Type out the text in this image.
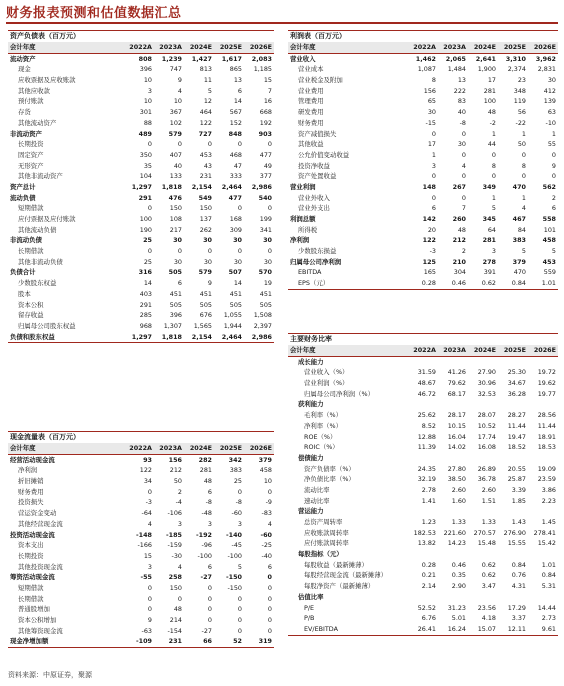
财务报表预测和估值数据汇总
资产负债表（百万元）
会计年度	2022A	2023A	2024E	2025E	2026E
流动资产	808	1,239	1,427	1,617	2,083
现金	396	747	813	865	1,185
应收票据及应收账款	10	9	11	13	15
其他应收款	3	4	5	6	7
预付账款	10	10	12	14	16
存货	301	367	464	567	668
其他流动资产	88	102	122	152	192
非流动资产	489	579	727	848	903
长期投资	0	0	0	0	0
固定资产	350	407	453	468	477
无形资产	35	40	43	47	49
其他非流动资产	104	133	231	333	377
资产总计	1,297	1,818	2,154	2,464	2,986
流动负债	291	476	549	477	540
短期借款	0	150	150	0	0
应付票据及应付账款	100	108	137	168	199
其他流动负债	190	217	262	309	341
非流动负债	25	30	30	30	30
长期借款	0	0	0	0	0
其他非流动负债	25	30	30	30	30
负债合计	316	505	579	507	570
少数股东权益	14	6	9	14	19
股本	403	451	451	451	451
资本公积	291	505	505	505	505
留存收益	285	396	676	1,055	1,508
归属母公司股东权益	968	1,307	1,565	1,944	2,397
负债和股东权益	1,297	1,818	2,154	2,464	2,986
现金流量表（百万元）
会计年度	2022A	2023A	2024E	2025E	2026E
经营活动现金流	93	156	282	342	379
净利润	122	212	281	383	458
折旧摊销	34	50	48	25	10
财务费用	0	2	6	0	0
投资损失	-3	-4	-8	-8	-9
营运资金变动	-64	-106	-48	-60	-83
其他经营现金流	4	3	3	3	4
投资活动现金流	-148	-185	-192	-140	-60
资本支出	-166	-159	-96	-45	-25
长期投资	15	-30	-100	-100	-40
其他投资现金流	3	4	6	5	6
筹资活动现金流	-55	258	-27	-150	0
短期借款	0	150	0	-150	0
长期借款	0	0	0	0	0
普通股增加	0	48	0	0	0
资本公积增加	9	214	0	0	0
其他筹资现金流	-63	-154	-27	0	0
现金净增加额	-109	231	66	52	319
利润表（百万元）
会计年度	2022A	2023A	2024E	2025E	2026E
营业收入	1,462	2,065	2,641	3,310	3,962
营业成本	1,087	1,484	1,900	2,374	2,831
营业税金及附加	8	13	17	23	30
营业费用	156	222	281	348	412
管理费用	65	83	100	119	139
研发费用	30	40	48	56	63
财务费用	-15	-8	-2	-22	-10
资产减值损失	0	0	1	1	1
其他收益	17	30	44	50	55
公允价值变动收益	1	0	0	0	0
投资净收益	3	4	8	8	9
资产处置收益	0	0	0	0	0
营业利润	148	267	349	470	562
营业外收入	0	0	1	1	2
营业外支出	6	7	5	4	6
利润总额	142	260	345	467	558
所得税	20	48	64	84	101
净利润	122	212	281	383	458
少数股东损益	-3	2	3	5	5
归属母公司净利润	125	210	278	379	453
EBITDA	165	304	391	470	559
EPS（元）	0.28	0.46	0.62	0.84	1.01
主要财务比率
会计年度	2022A	2023A	2024E	2025E	2026E
成长能力
营业收入（%）	31.59	41.26	27.90	25.30	19.72
营业利润（%）	48.67	79.62	30.96	34.67	19.62
归属母公司净利润（%）	46.72	68.17	32.53	36.28	19.77
获利能力
毛利率（%）	25.62	28.17	28.07	28.27	28.56
净利率（%）	8.52	10.15	10.52	11.44	11.44
ROE（%）	12.88	16.04	17.74	19.47	18.91
ROIC（%）	11.39	14.02	16.08	18.52	18.53
偿债能力
资产负债率（%）	24.35	27.80	26.89	20.55	19.09
净负债比率（%）	32.19	38.50	36.78	25.87	23.59
流动比率	2.78	2.60	2.60	3.39	3.86
速动比率	1.41	1.60	1.51	1.85	2.23
营运能力
总资产周转率	1.23	1.33	1.33	1.43	1.45
应收账款周转率	182.53	221.60	270.57	276.90	278.41
应付账款周转率	13.82	14.23	15.48	15.55	15.42
每股指标（元）
每股收益（最新摊薄）	0.28	0.46	0.62	0.84	1.01
每股经营现金流（最新摊薄）	0.21	0.35	0.62	0.76	0.84
每股净资产（最新摊薄）	2.14	2.90	3.47	4.31	5.31
估值比率
P/E	52.52	31.23	23.56	17.29	14.44
P/B	6.76	5.01	4.18	3.37	2.73
EV/EBITDA	26.41	16.24	15.07	12.11	9.61
资料来源：中原证券，聚源
